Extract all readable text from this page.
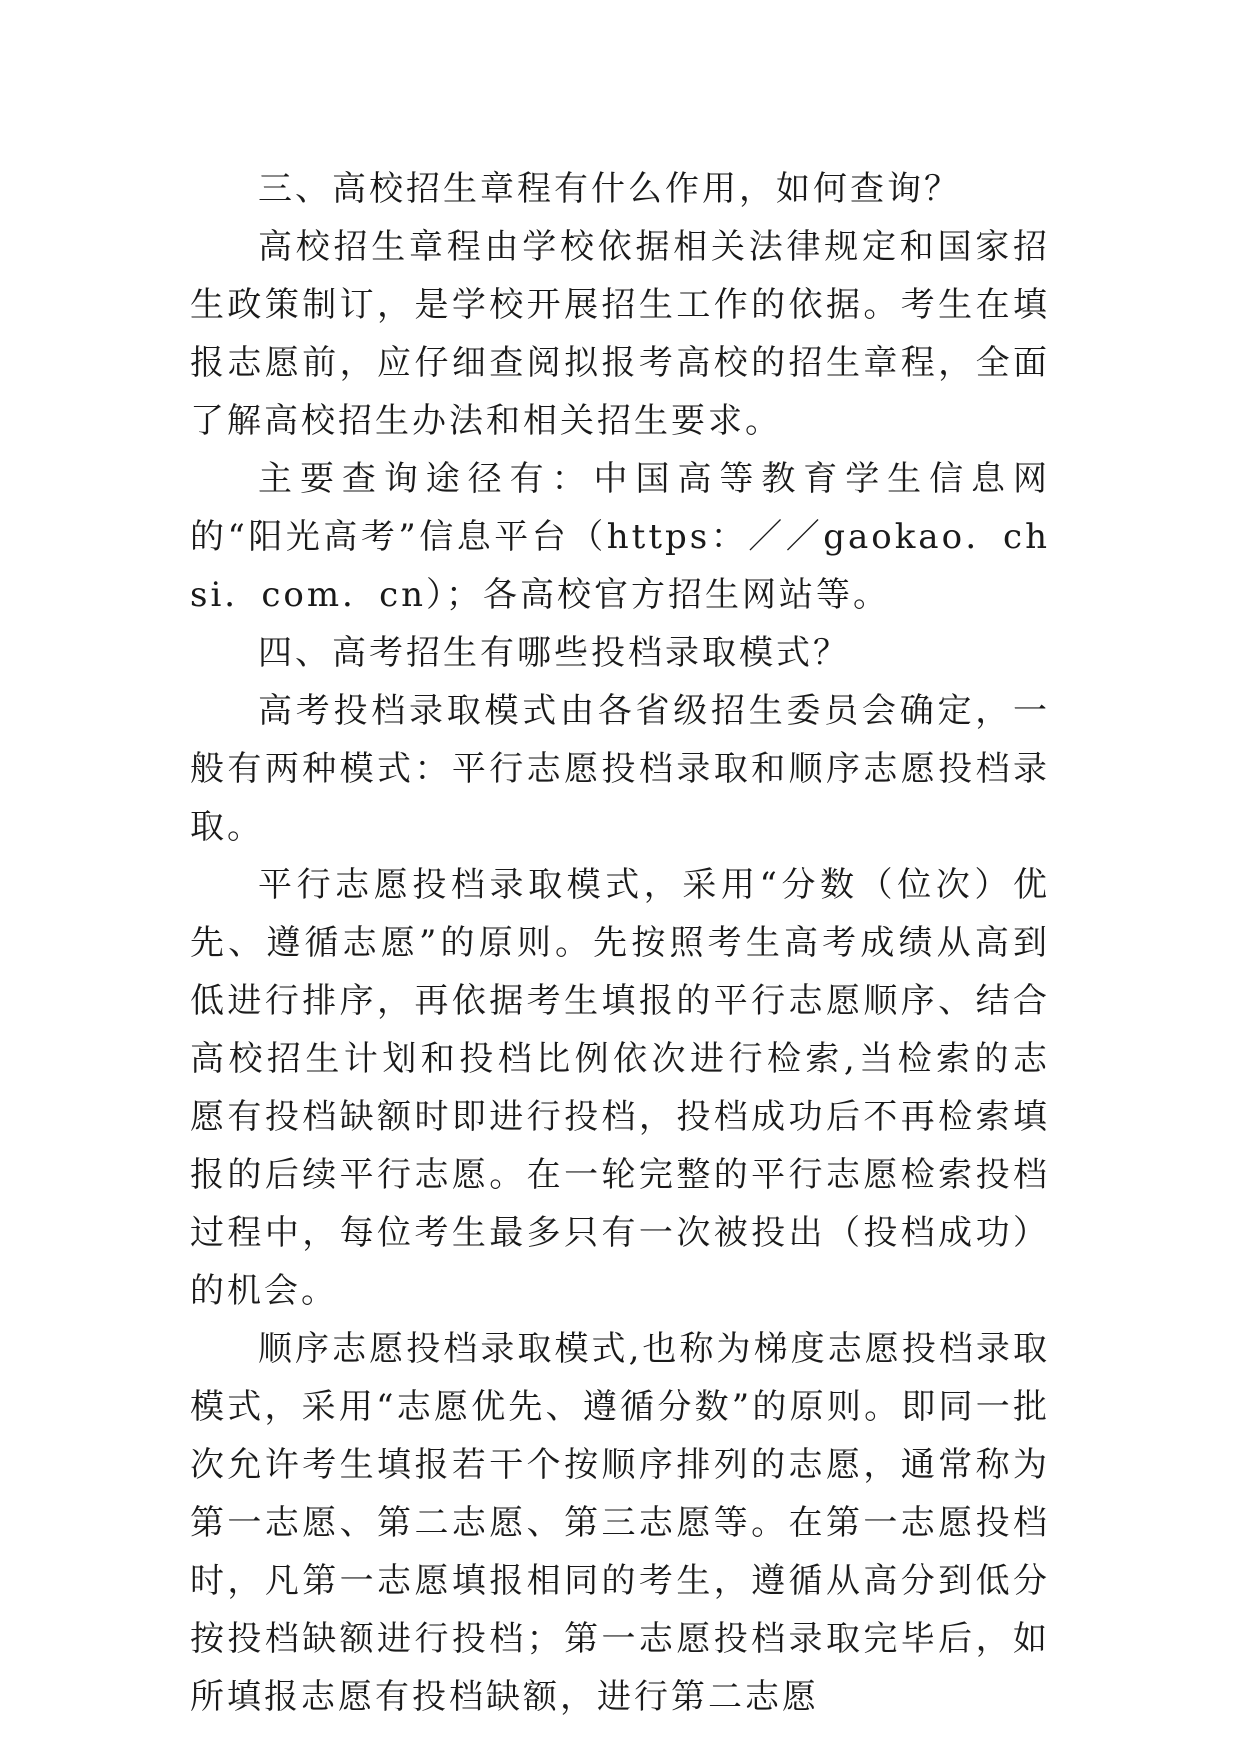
三、高校招生章程有什么作用，如何查询？

高校招生章程由学校依据相关法律规定和国家招生政策制订，是学校开展招生工作的依据。考生在填报志愿前，应仔细查阅拟报考高校的招生章程，全面了解高校招生办法和相关招生要求。

主要查询途径有：中国高等教育学生信息网的“阳光高考”信息平台（https：／／gaokao．chsi．com．cn）；各高校官方招生网站等。

四、高考招生有哪些投档录取模式？

高考投档录取模式由各省级招生委员会确定，一般有两种模式：平行志愿投档录取和顺序志愿投档录取。

平行志愿投档录取模式，采用“分数（位次）优先、遵循志愿”的原则。先按照考生高考成绩从高到低进行排序，再依据考生填报的平行志愿顺序、结合高校招生计划和投档比例依次进行检索,当检索的志愿有投档缺额时即进行投档，投档成功后不再检索填报的后续平行志愿。在一轮完整的平行志愿检索投档过程中，每位考生最多只有一次被投出（投档成功）的机会。

顺序志愿投档录取模式,也称为梯度志愿投档录取模式，采用“志愿优先、遵循分数”的原则。即同一批次允许考生填报若干个按顺序排列的志愿，通常称为第一志愿、第二志愿、第三志愿等。在第一志愿投档时，凡第一志愿填报相同的考生，遵循从高分到低分按投档缺额进行投档；第一志愿投档录取完毕后，如所填报志愿有投档缺额，进行第二志愿
